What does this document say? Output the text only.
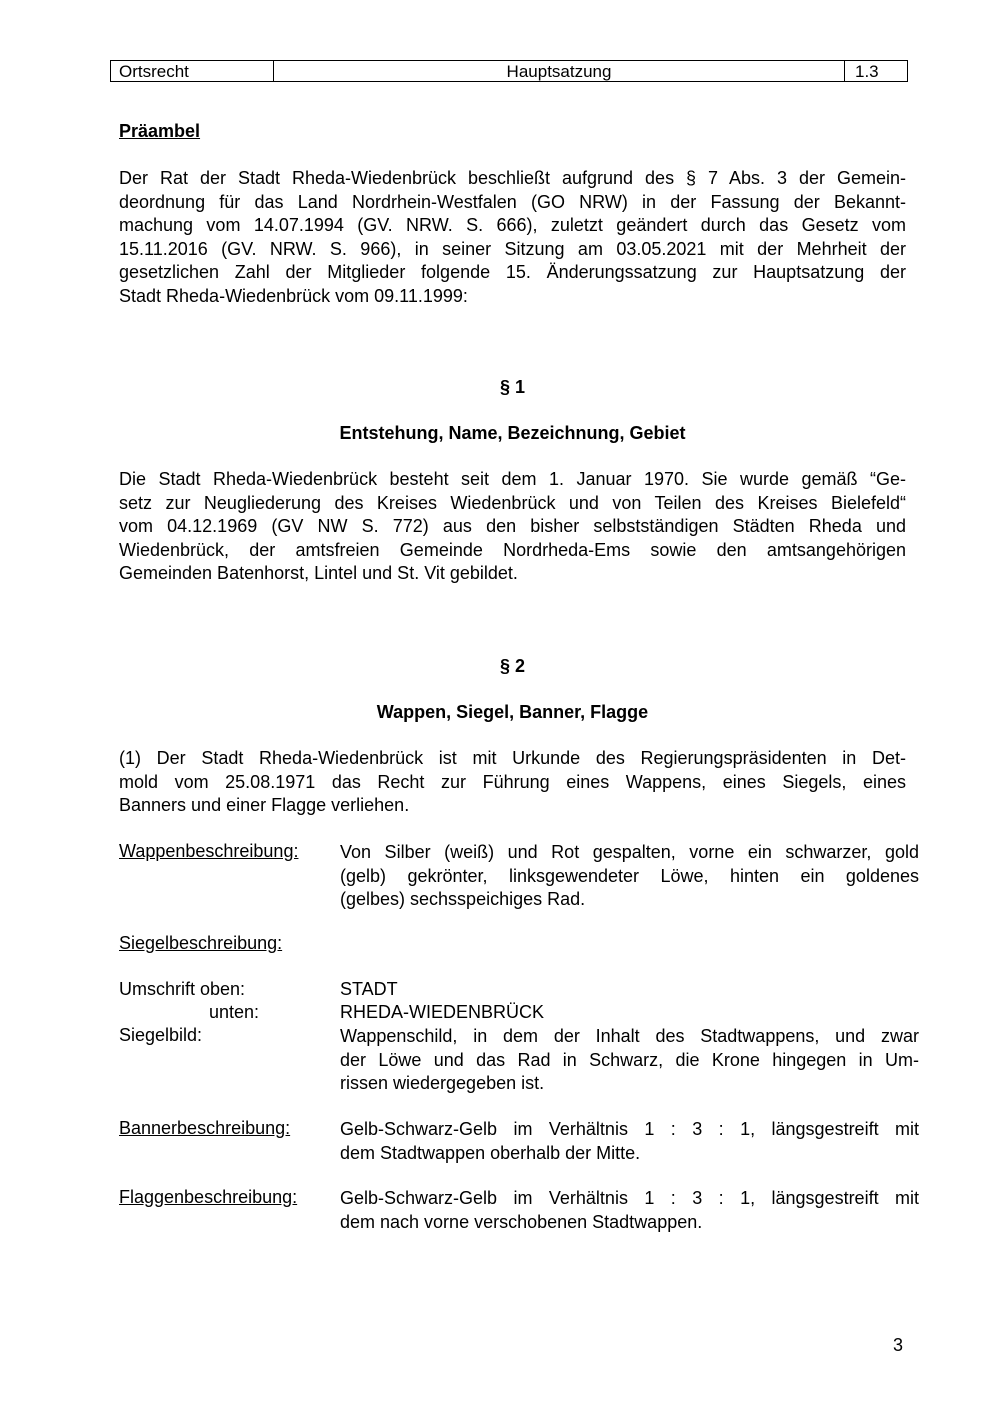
Ortsrecht	Hauptsatzung	1.3
Präambel
Der Rat der Stadt Rheda-Wiedenbrück beschließt aufgrund des § 7 Abs. 3 der Gemein-
deordnung für das Land Nordrhein-Westfalen (GO NRW) in der Fassung der Bekannt-
machung vom 14.07.1994 (GV. NRW. S. 666), zuletzt geändert durch das Gesetz vom
15.11.2016 (GV. NRW. S. 966), in seiner Sitzung am 03.05.2021 mit der Mehrheit der
gesetzlichen Zahl der Mitglieder folgende 15. Änderungssatzung zur Hauptsatzung der
Stadt Rheda-Wiedenbrück vom 09.11.1999:
§ 1
Entstehung, Name, Bezeichnung, Gebiet
Die Stadt Rheda-Wiedenbrück besteht seit dem 1. Januar 1970. Sie wurde gemäß “Ge-
setz zur Neugliederung des Kreises Wiedenbrück und von Teilen des Kreises Bielefeld“
vom 04.12.1969 (GV NW S. 772) aus den bisher selbstständigen Städten Rheda und
Wiedenbrück, der amtsfreien Gemeinde Nordrheda-Ems sowie den amtsangehörigen
Gemeinden Batenhorst, Lintel und St. Vit gebildet.
§ 2
Wappen, Siegel, Banner, Flagge
(1) Der Stadt Rheda-Wiedenbrück ist mit Urkunde des Regierungspräsidenten in Det-
mold vom 25.08.1971 das Recht zur Führung eines Wappens, eines Siegels, eines
Banners und einer Flagge verliehen.
Wappenbeschreibung: Von Silber (weiß) und Rot gespalten, vorne ein schwarzer, gold
(gelb) gekrönter, linksgewendeter Löwe, hinten ein goldenes
(gelbes) sechsspeichiges Rad.
Siegelbeschreibung:
Umschrift oben:	STADT
unten:	RHEDA-WIEDENBRÜCK
Siegelbild:	Wappenschild, in dem der Inhalt des Stadtwappens, und zwar
der Löwe und das Rad in Schwarz, die Krone hingegen in Um-
rissen wiedergegeben ist.
Bannerbeschreibung:	Gelb-Schwarz-Gelb im Verhältnis 1 : 3 : 1, längsgestreift mit
dem Stadtwappen oberhalb der Mitte.
Flaggenbeschreibung: Gelb-Schwarz-Gelb im Verhältnis 1 : 3 : 1, längsgestreift mit
dem nach vorne verschobenen Stadtwappen.
3
